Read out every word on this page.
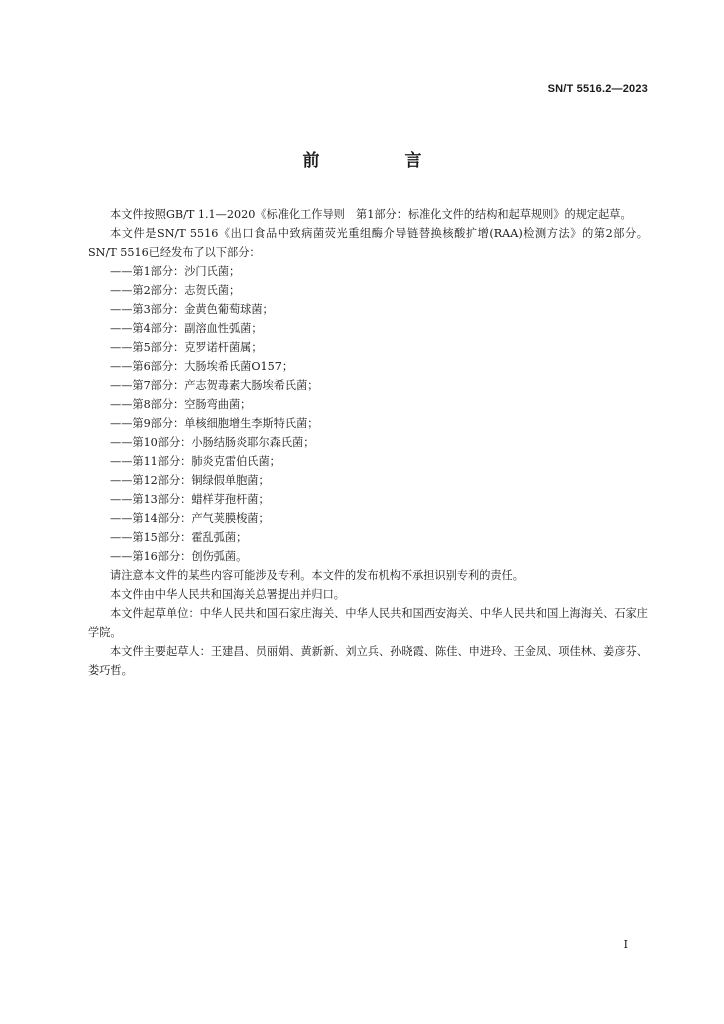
SN/T 5516.2—2023
前　言

本文件按照GB/T 1.1—2020《标准化工作导则　第1部分：标准化文件的结构和起草规则》的规定起草。

本文件是SN/T 5516《出口食品中致病菌荧光重组酶介导链替换核酸扩增(RAA)检测方法》的第2部分。SN/T 5516已经发布了以下部分：

——第1部分：沙门氏菌；

——第2部分：志贺氏菌；

——第3部分：金黄色葡萄球菌；

——第4部分：副溶血性弧菌；

——第5部分：克罗诺杆菌属；

——第6部分：大肠埃希氏菌O157；

——第7部分：产志贺毒素大肠埃希氏菌；

——第8部分：空肠弯曲菌；

——第9部分：单核细胞增生李斯特氏菌；

——第10部分：小肠结肠炎耶尔森氏菌；

——第11部分：肺炎克雷伯氏菌；

——第12部分：铜绿假单胞菌；

——第13部分：蜡样芽孢杆菌；

——第14部分：产气荚膜梭菌；

——第15部分：霍乱弧菌；

——第16部分：创伤弧菌。

请注意本文件的某些内容可能涉及专利。本文件的发布机构不承担识别专利的责任。

本文件由中华人民共和国海关总署提出并归口。

本文件起草单位：中华人民共和国石家庄海关、中华人民共和国西安海关、中华人民共和国上海海关、石家庄学院。

本文件主要起草人：王建昌、员丽娟、黄新新、刘立兵、孙晓霞、陈佳、申进玲、王金凤、项佳林、姜彦芬、娄巧哲。

I
